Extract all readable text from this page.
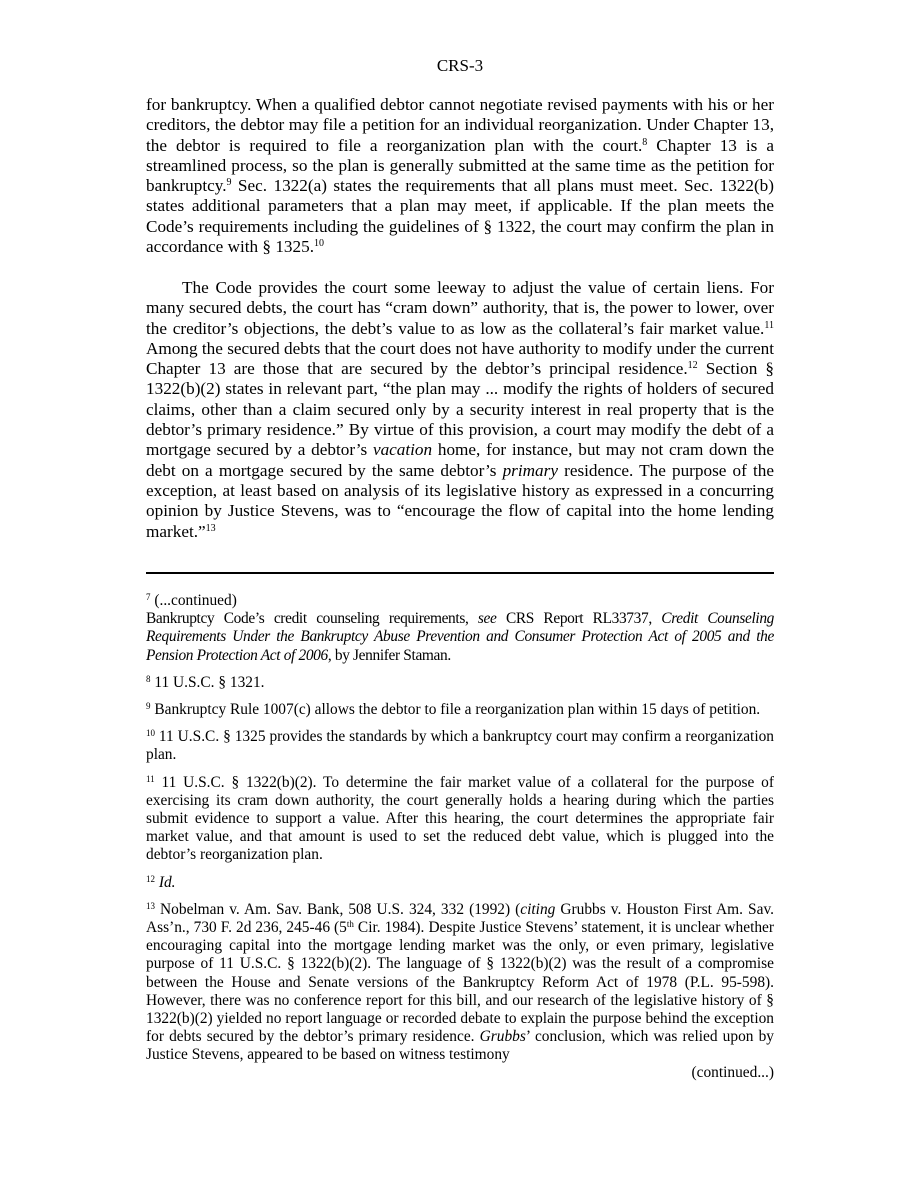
CRS-3

for bankruptcy. When a qualified debtor cannot negotiate revised payments with his or her creditors, the debtor may file a petition for an individual reorganization. Under Chapter 13, the debtor is required to file a reorganization plan with the court.$^8$ Chapter 13 is a streamlined process, so the plan is generally submitted at the same time as the petition for bankruptcy.$^9$ Sec. 1322(a) states the requirements that all plans must meet. Sec. 1322(b) states additional parameters that a plan may meet, if applicable. If the plan meets the Code’s requirements including the guidelines of § 1322, the court may confirm the plan in accordance with § 1325.10

The Code provides the court some leeway to adjust the value of certain liens. For many secured debts, the court has “cram down” authority, that is, the power to lower, over the creditor’s objections, the debt’s value to as low as the collateral’s fair market value.$^{11}$ Among the secured debts that the court does not have authority to modify under the current Chapter 13 are those that are secured by the debtor’s principal residence.$^{12}$ Section § 1322(b)(2) states in relevant part, “the plan may ... modify the rights of holders of secured claims, other than a claim secured only by a security interest in real property that is the debtor’s primary residence.” By virtue of this provision, a court may modify the debt of a mortgage secured by a debtor’s vacation home, for instance, but may not cram down the debt on a mortgage secured by the same debtor’s primary residence. The purpose of the exception, at least based on analysis of its legislative history as expressed in a concurring opinion by Justice Stevens, was to “encourage the flow of capital into the home lending market.”$^{13}$

$^7$ (...continued)
Bankruptcy Code’s credit counseling requirements, see CRS Report RL33737, Credit Counseling Requirements Under the Bankruptcy Abuse Prevention and Consumer Protection Act of 2005 and the Pension Protection Act of 2006, by Jennifer Staman.
$^8$ 11 U.S.C. § 1321.
$^9$ Bankruptcy Rule 1007(c) allows the debtor to file a reorganization plan within 15 days of petition.
$^{10}$ 11 U.S.C. § 1325 provides the standards by which a bankruptcy court may confirm a reorganization plan.
$^{11}$ 11 U.S.C. § 1322(b)(2). To determine the fair market value of a collateral for the purpose of exercising its cram down authority, the court generally holds a hearing during which the parties submit evidence to support a value. After this hearing, the court determines the appropriate fair market value, and that amount is used to set the reduced debt value, which is plugged into the debtor’s reorganization plan.
$^{12}$ Id.
$^{13}$ Nobelman v. Am. Sav. Bank, 508 U.S. 324, 332 (1992) (citing Grubbs v. Houston First Am. Sav. Ass’n., 730 F. 2d 236, 245-46 (5th Cir. 1984). Despite Justice Stevens’ statement, it is unclear whether encouraging capital into the mortgage lending market was the only, or even primary, legislative purpose of 11 U.S.C. § 1322(b)(2). The language of § 1322(b)(2) was the result of a compromise between the House and Senate versions of the Bankruptcy Reform Act of 1978 (P.L. 95-598). However, there was no conference report for this bill, and our research of the legislative history of § 1322(b)(2) yielded no report language or recorded debate to explain the purpose behind the exception for debts secured by the debtor’s primary residence. Grubbs’ conclusion, which was relied upon by Justice Stevens, appeared to be based on witness testimony
(continued...)
